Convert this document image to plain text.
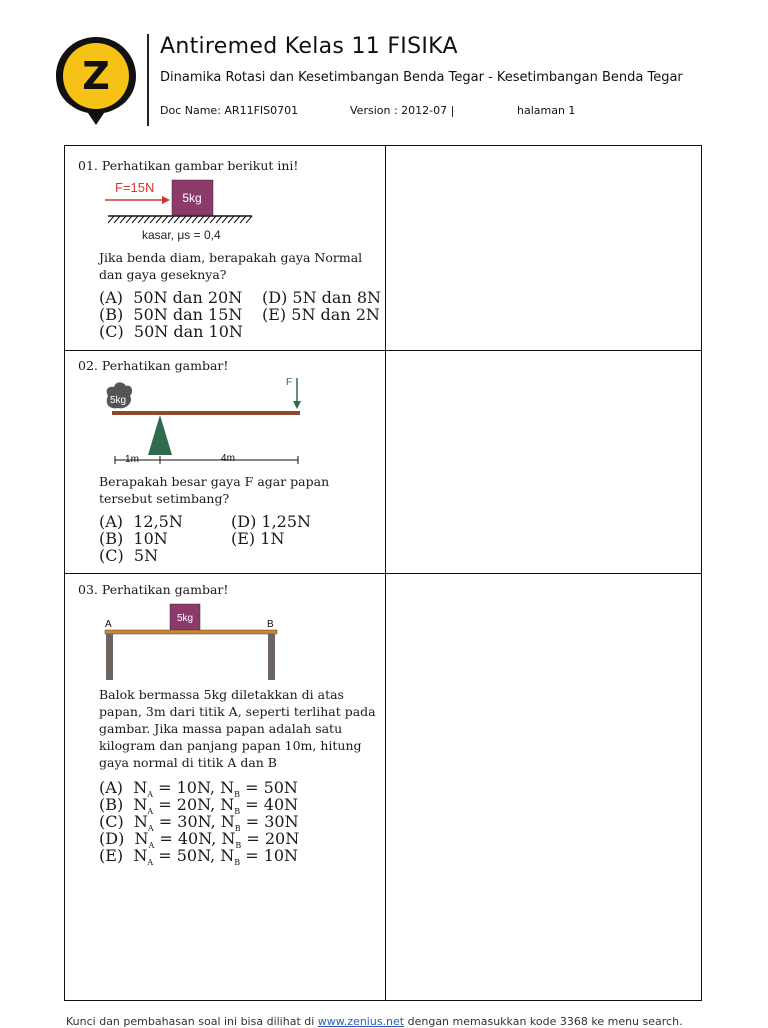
Z
Antiremed Kelas 11 FISIKA
Dinamika Rotasi dan Kesetimbangan Benda Tegar - Kesetimbangan Benda Tegar
Doc Name: AR11FIS0701	Version : 2012-07 |	halaman 1
01. Perhatikan gambar berikut ini!
F=15N
5kg
kasar, μs = 0,4
Jika benda diam, berapakah gaya Normal dan gaya geseknya?
(A) 50N dan 20N
(B) 50N dan 15N
(C) 50N dan 10N
(D) 5N dan 8N
(E) 5N dan 2N
02. Perhatikan gambar!
5kg
F
1m	4m
Berapakah besar gaya F agar papan tersebut setimbang?
(A) 12,5N
(B) 10N
(C) 5N
(D) 1,25N
(E) 1N
03. Perhatikan gambar!
5kg
A	B
Balok bermassa 5kg diletakkan di atas papan, 3m dari titik A, seperti terlihat pada gambar. Jika massa papan adalah satu kilogram dan panjang papan 10m, hitung gaya normal di titik A dan B
(A)  $N_A = 10N$, $N_B = 50N$
(B)  $N_A = 20N$, $N_B = 40N$
(C)  $N_A = 30N$, $N_B = 30N$
(D)  $N_A = 40N$, $N_B = 20N$
(E)  $N_A = 50N$, $N_B = 10N$
Kunci dan pembahasan soal ini bisa dilihat di www.zenius.net dengan memasukkan kode 3368 ke menu search.
